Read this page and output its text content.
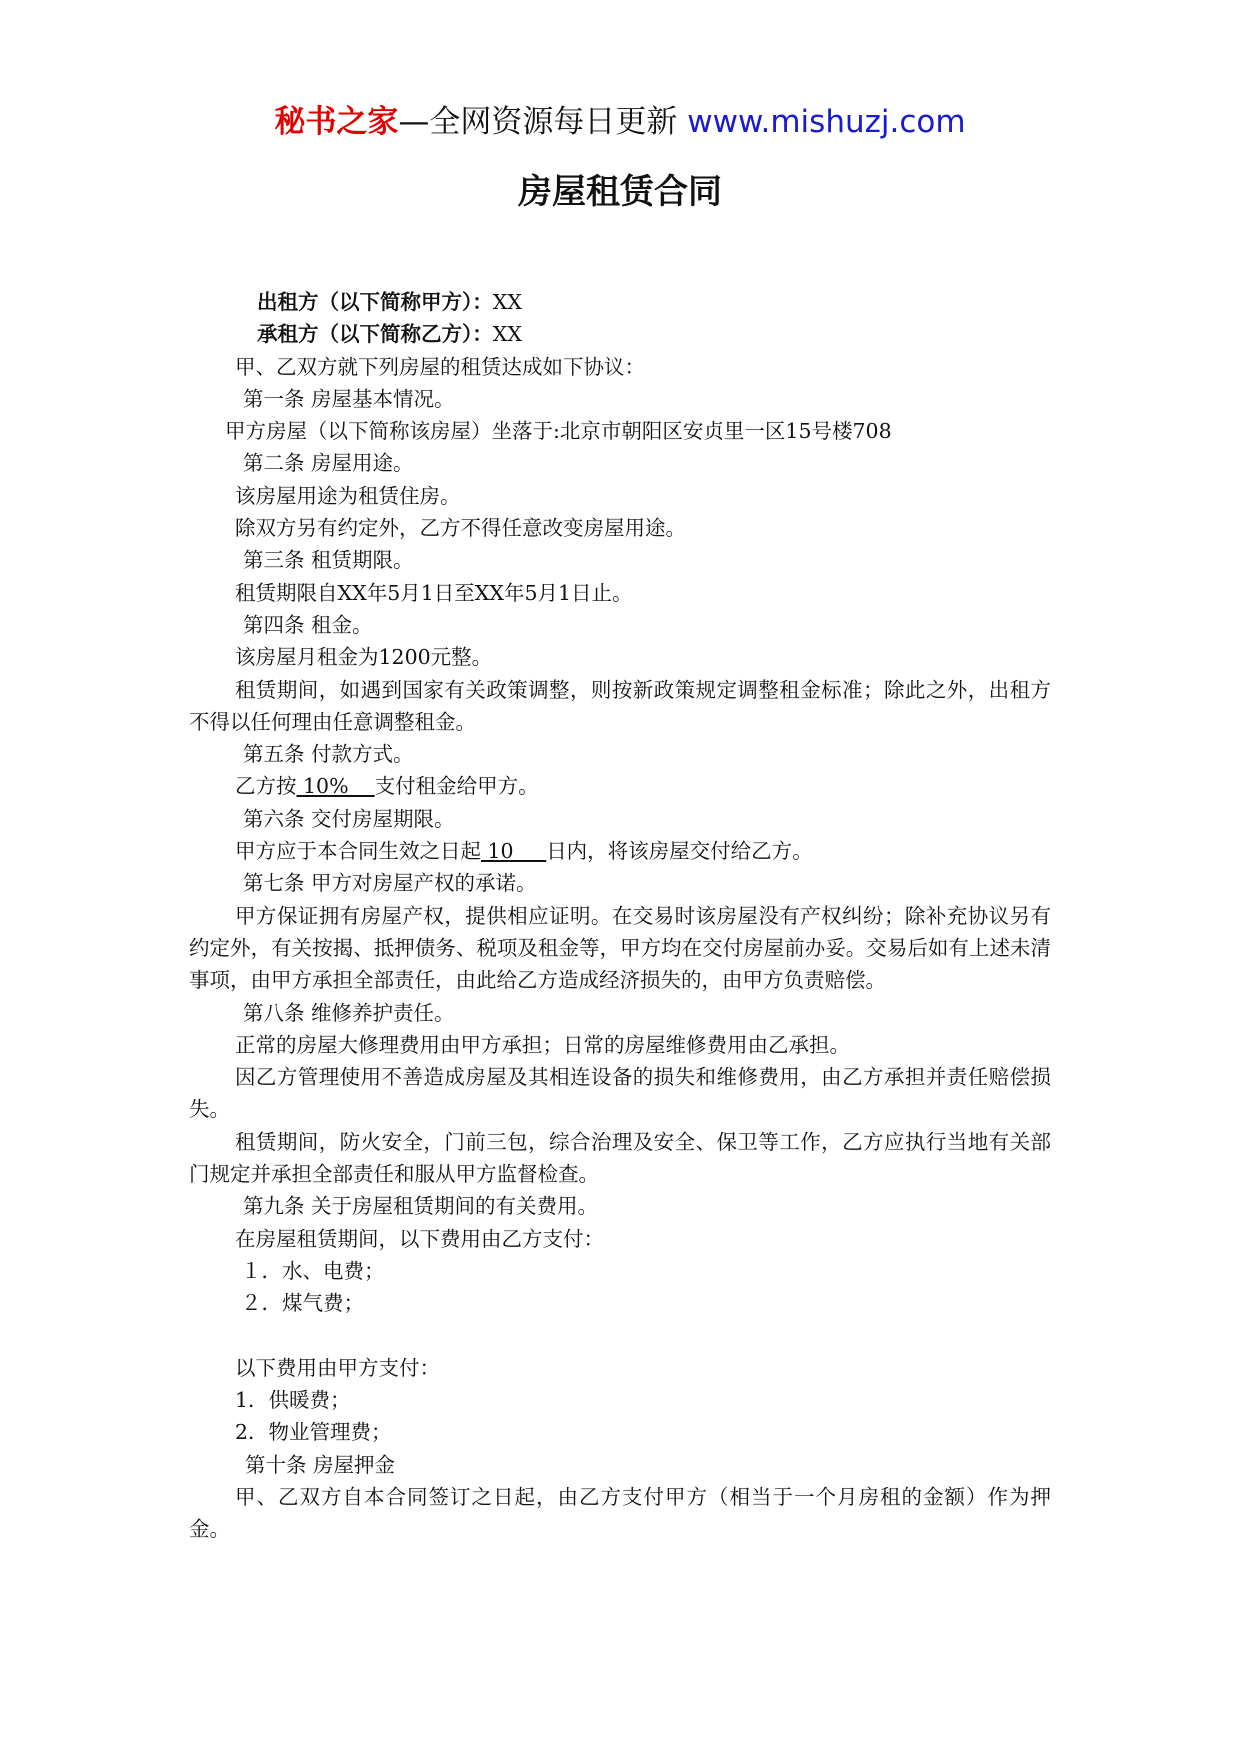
秘书之家—全网资源每日更新 www.mishuzj.com
房屋租赁合同
出租方（以下简称甲方）：XX
承租方（以下简称乙方）：XX
甲、乙双方就下列房屋的租赁达成如下协议：
第一条 房屋基本情况。
甲方房屋（以下简称该房屋）坐落于:北京市朝阳区安贞里一区15号楼708
第二条 房屋用途。
该房屋用途为租赁住房。
除双方另有约定外，乙方不得任意改变房屋用途。
第三条 租赁期限。
租赁期限自XX年5月1日至XX年5月1日止。
第四条 租金。
该房屋月租金为1200元整。
租赁期间，如遇到国家有关政策调整，则按新政策规定调整租金标准；除此之外，出租方不得以任何理由任意调整租金。
第五条 付款方式。
乙方按 10%    支付租金给甲方。
第六条 交付房屋期限。
甲方应于本合同生效之日起 10     日内，将该房屋交付给乙方。
第七条 甲方对房屋产权的承诺。
甲方保证拥有房屋产权，提供相应证明。在交易时该房屋没有产权纠纷；除补充协议另有约定外，有关按揭、抵押债务、税项及租金等，甲方均在交付房屋前办妥。交易后如有上述未清事项，由甲方承担全部责任，由此给乙方造成经济损失的，由甲方负责赔偿。
第八条 维修养护责任。
正常的房屋大修理费用由甲方承担；日常的房屋维修费用由乙承担。
因乙方管理使用不善造成房屋及其相连设备的损失和维修费用，由乙方承担并责任赔偿损失。
租赁期间，防火安全，门前三包，综合治理及安全、保卫等工作，乙方应执行当地有关部门规定并承担全部责任和服从甲方监督检查。
第九条 关于房屋租赁期间的有关费用。
在房屋租赁期间，以下费用由乙方支付：
１．水、电费；
２．煤气费；
以下费用由甲方支付：
1．供暖费；
2．物业管理费；
第十条 房屋押金
甲、乙双方自本合同签订之日起，由乙方支付甲方（相当于一个月房租的金额）作为押金。
